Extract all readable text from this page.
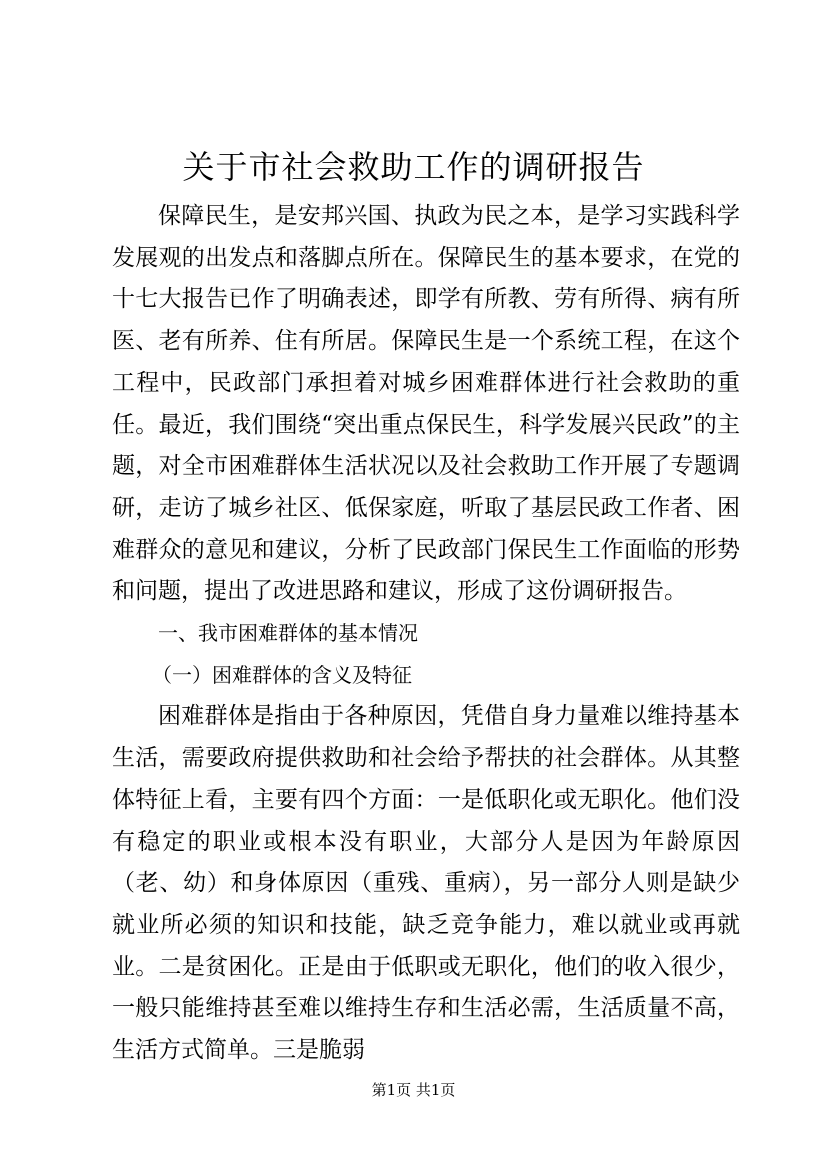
关于市社会救助工作的调研报告

保障民生，是安邦兴国、执政为民之本，是学习实践科学发展观的出发点和落脚点所在。保障民生的基本要求，在党的十七大报告已作了明确表述，即学有所教、劳有所得、病有所医、老有所养、住有所居。保障民生是一个系统工程，在这个工程中，民政部门承担着对城乡困难群体进行社会救助的重任。最近，我们围绕“突出重点保民生，科学发展兴民政”的主题，对全市困难群体生活状况以及社会救助工作开展了专题调研，走访了城乡社区、低保家庭，听取了基层民政工作者、困难群众的意见和建议，分析了民政部门保民生工作面临的形势和问题，提出了改进思路和建议，形成了这份调研报告。

一、我市困难群体的基本情况

（一）困难群体的含义及特征

困难群体是指由于各种原因，凭借自身力量难以维持基本生活，需要政府提供救助和社会给予帮扶的社会群体。从其整体特征上看，主要有四个方面：一是低职化或无职化。他们没有稳定的职业或根本没有职业，大部分人是因为年龄原因（老、幼）和身体原因（重残、重病），另一部分人则是缺少就业所必须的知识和技能，缺乏竞争能力，难以就业或再就业。二是贫困化。正是由于低职或无职化，他们的收入很少，一般只能维持甚至难以维持生存和生活必需，生活质量不高，生活方式简单。三是脆弱

第1页 共1页
